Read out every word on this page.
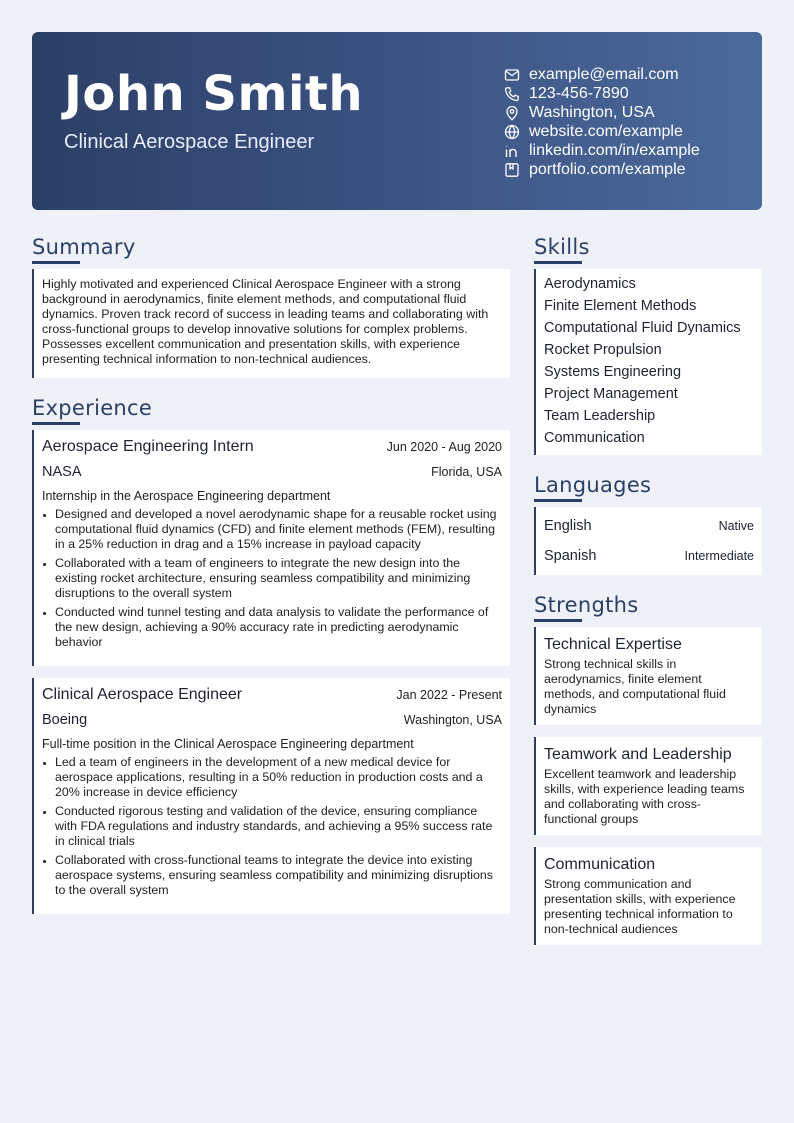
John Smith
Clinical Aerospace Engineer
example@email.com
123-456-7890
Washington, USA
website.com/example
linkedin.com/in/example
portfolio.com/example
Summary

Highly motivated and experienced Clinical Aerospace Engineer with a strong background in aerodynamics, finite element methods, and computational fluid dynamics. Proven track record of success in leading teams and collaborating with cross-functional groups to develop innovative solutions for complex problems. Possesses excellent communication and presentation skills, with experience presenting technical information to non-technical audiences.

Experience
Aerospace Engineering Intern	Jun 2020 - Aug 2020
NASA	Florida, USA
Internship in the Aerospace Engineering department
Designed and developed a novel aerodynamic shape for a reusable rocket using computational fluid dynamics (CFD) and finite element methods (FEM), resulting in a 25% reduction in drag and a 15% increase in payload capacity
Collaborated with a team of engineers to integrate the new design into the existing rocket architecture, ensuring seamless compatibility and minimizing disruptions to the overall system
Conducted wind tunnel testing and data analysis to validate the performance of the new design, achieving a 90% accuracy rate in predicting aerodynamic behavior
Clinical Aerospace Engineer	Jan 2022 - Present
Boeing	Washington, USA
Full-time position in the Clinical Aerospace Engineering department
Led a team of engineers in the development of a new medical device for aerospace applications, resulting in a 50% reduction in production costs and a 20% increase in device efficiency
Conducted rigorous testing and validation of the device, ensuring compliance with FDA regulations and industry standards, and achieving a 95% success rate in clinical trials
Collaborated with cross-functional teams to integrate the device into existing aerospace systems, ensuring seamless compatibility and minimizing disruptions to the overall system
Skills
Aerodynamics
Finite Element Methods
Computational Fluid Dynamics
Rocket Propulsion
Systems Engineering
Project Management
Team Leadership
Communication
Languages
English	Native
Spanish	Intermediate
Strengths
Technical Expertise
Strong technical skills in aerodynamics, finite element methods, and computational fluid dynamics
Teamwork and Leadership
Excellent teamwork and leadership skills, with experience leading teams and collaborating with cross-functional groups
Communication
Strong communication and presentation skills, with experience presenting technical information to non-technical audiences
